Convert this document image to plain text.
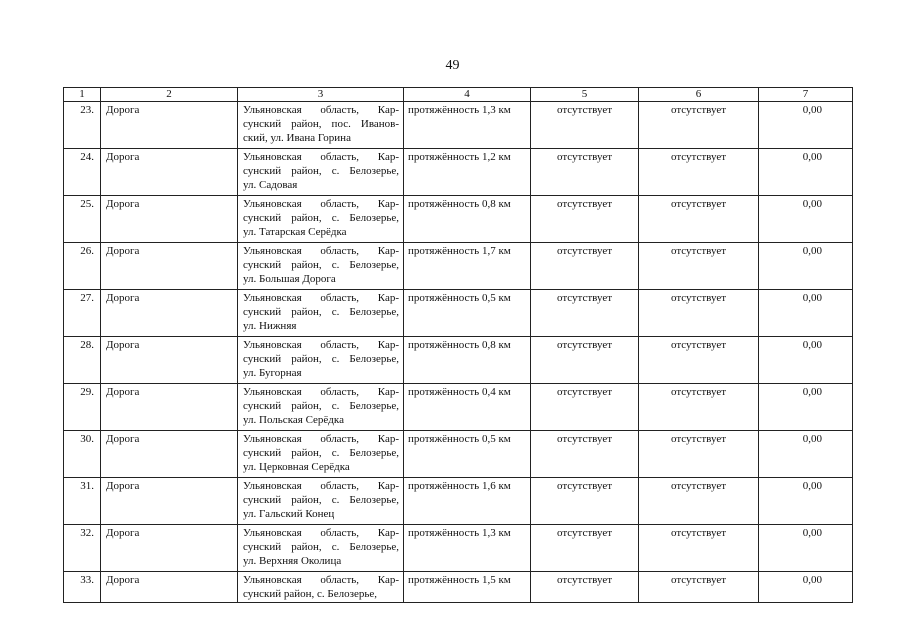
49
1	2	3	4	5	6	7
23.	Дорога	Ульяновская область, Кар-
сунский район, пос. Иванов-
ский, ул. Ивана Горина	протяжённость 1,3 км	отсутствует	отсутствует	0,00
24.	Дорога	Ульяновская область, Кар-
сунский район, с. Белозерье,
ул. Садовая	протяжённость 1,2 км	отсутствует	отсутствует	0,00
25.	Дорога	Ульяновская область, Кар-
сунский район, с. Белозерье,
ул. Татарская Серёдка	протяжённость 0,8 км	отсутствует	отсутствует	0,00
26.	Дорога	Ульяновская область, Кар-
сунский район, с. Белозерье,
ул. Большая Дорога	протяжённость 1,7 км	отсутствует	отсутствует	0,00
27.	Дорога	Ульяновская область, Кар-
сунский район, с. Белозерье,
ул. Нижняя	протяжённость 0,5 км	отсутствует	отсутствует	0,00
28.	Дорога	Ульяновская область, Кар-
сунский район, с. Белозерье,
ул. Бугорная	протяжённость 0,8 км	отсутствует	отсутствует	0,00
29.	Дорога	Ульяновская область, Кар-
сунский район, с. Белозерье,
ул. Польская Серёдка	протяжённость 0,4 км	отсутствует	отсутствует	0,00
30.	Дорога	Ульяновская область, Кар-
сунский район, с. Белозерье,
ул. Церковная Серёдка	протяжённость 0,5 км	отсутствует	отсутствует	0,00
31.	Дорога	Ульяновская область, Кар-
сунский район, с. Белозерье,
ул. Гальский Конец	протяжённость 1,6 км	отсутствует	отсутствует	0,00
32.	Дорога	Ульяновская область, Кар-
сунский район, с. Белозерье,
ул. Верхняя Околица	протяжённость 1,3 км	отсутствует	отсутствует	0,00
33.	Дорога	Ульяновская область, Кар-
сунский район, с. Белозерье,	протяжённость 1,5 км	отсутствует	отсутствует	0,00
